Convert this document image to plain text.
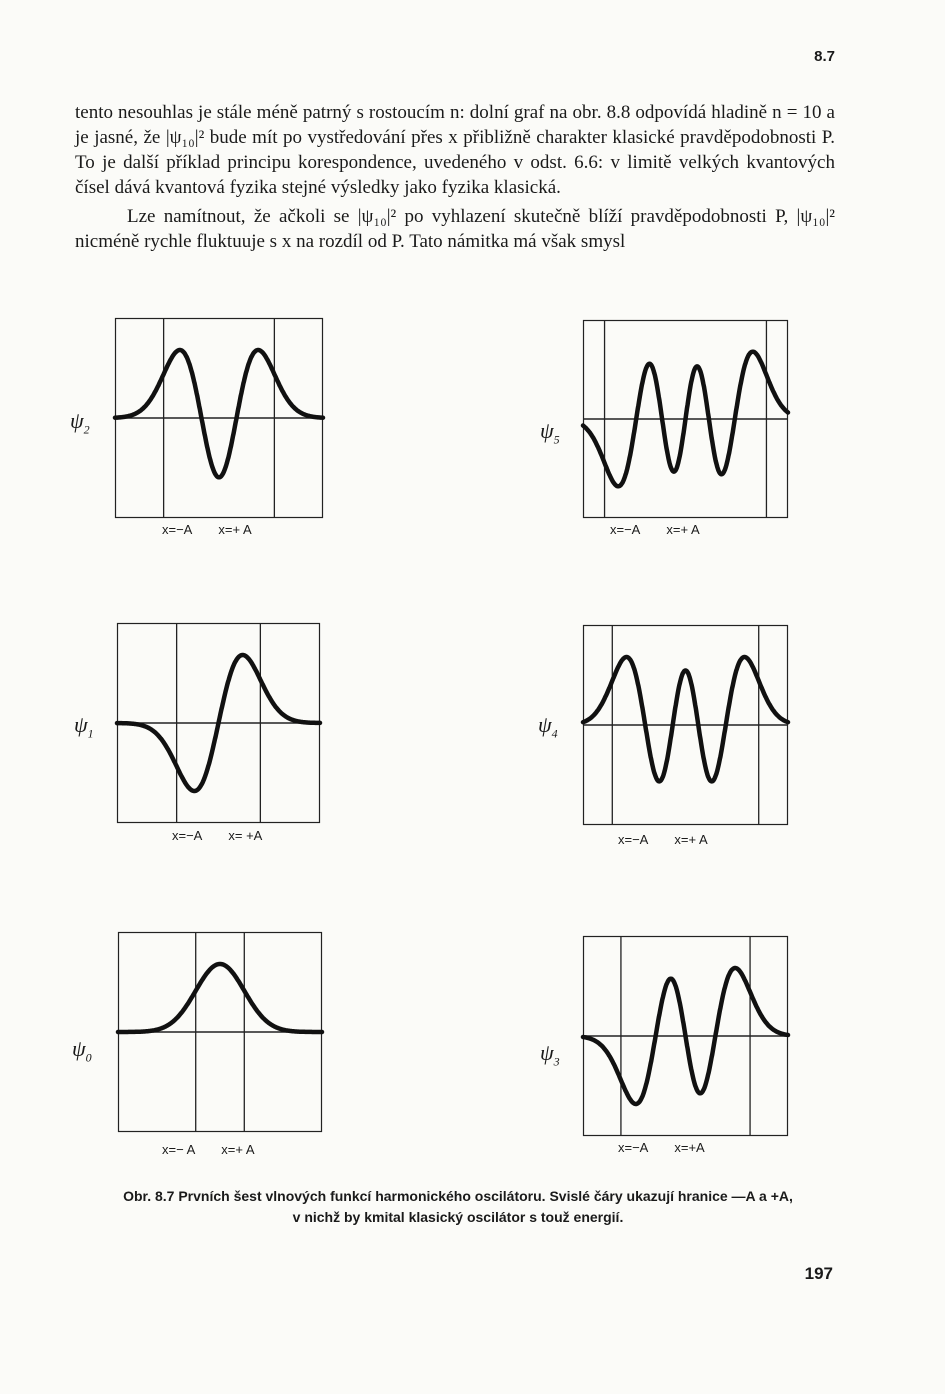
8.7

tento nesouhlas je stále méně patrný s rostoucím n: dolní graf na obr. 8.8 odpovídá hladině n = 10 a je jasné, že |ψ₁₀|² bude mít po vystředování přes x přibližně charakter klasické pravděpodobnosti P. To je další příklad principu korespondence, uvedeného v odst. 6.6: v limitě velkých kvantových čísel dává kvantová fyzika stejné výsledky jako fyzika klasická.

Lze namítnout, že ačkoli se |ψ₁₀|² po vyhlazení skutečně blíží pravděpodobnosti P, |ψ₁₀|² nicméně rychle fluktuuje s x na rozdíl od P. Tato námitka má však smysl

$\psi_2$
x=−A x=+ A
$\psi_5$
x=−A x=+ A
$\psi_1$
x=−A x= +A
$\psi_4$
x=−A x=+ A
$\psi_0$
x=− A x=+ A
$\psi_3$
x=−A x=+A
Obr. 8.7 Prvních šest vlnových funkcí harmonického oscilátoru. Svislé čáry ukazují hranice —A a +A,
v nichž by kmital klasický oscilátor s touž energií.
197
